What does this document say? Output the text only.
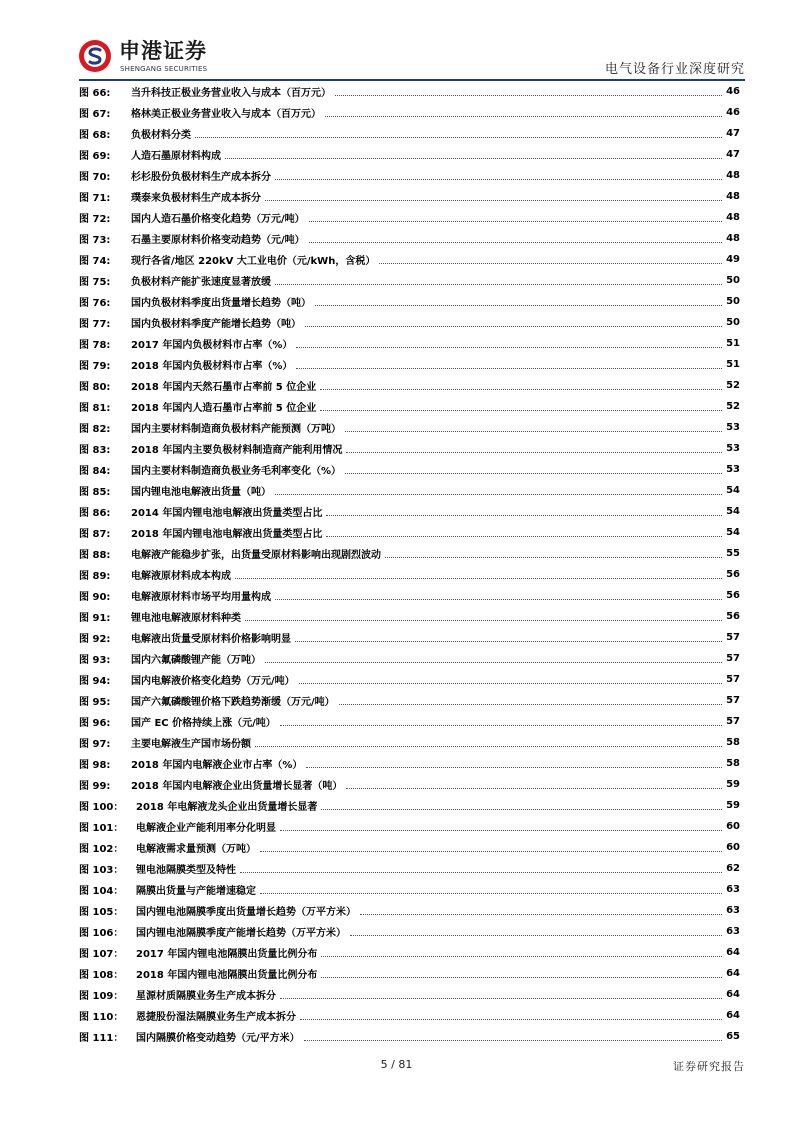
申港证券
SHENGANG SECURITIES	电气设备行业深度研究
图 66:	当升科技正极业务营业收入与成本（百万元）	46
图 67:	格林美正极业务营业收入与成本（百万元）	46
图 68:	负极材料分类	47
图 69:	人造石墨原材料构成	47
图 70:	杉杉股份负极材料生产成本拆分	48
图 71:	璞泰来负极材料生产成本拆分	48
图 72:	国内人造石墨价格变化趋势（万元/吨）	48
图 73:	石墨主要原材料价格变动趋势（元/吨）	48
图 74:	现行各省/地区 220kV 大工业电价（元/kWh，含税）	49
图 75:	负极材料产能扩张速度显著放缓	50
图 76:	国内负极材料季度出货量增长趋势（吨）	50
图 77:	国内负极材料季度产能增长趋势（吨）	50
图 78:	2017 年国内负极材料市占率（%）	51
图 79:	2018 年国内负极材料市占率（%）	51
图 80:	2018 年国内天然石墨市占率前 5 位企业	52
图 81:	2018 年国内人造石墨市占率前 5 位企业	52
图 82:	国内主要材料制造商负极材料产能预测（万吨）	53
图 83:	2018 年国内主要负极材料制造商产能利用情况	53
图 84:	国内主要材料制造商负极业务毛利率变化（%）	53
图 85:	国内锂电池电解液出货量（吨）	54
图 86:	2014 年国内锂电池电解液出货量类型占比	54
图 87:	2018 年国内锂电池电解液出货量类型占比	54
图 88:	电解液产能稳步扩张，出货量受原材料影响出现剧烈波动	55
图 89:	电解液原材料成本构成	56
图 90:	电解液原材料市场平均用量构成	56
图 91:	锂电池电解液原材料种类	56
图 92:	电解液出货量受原材料价格影响明显	57
图 93:	国内六氟磷酸锂产能（万吨）	57
图 94:	国内电解液价格变化趋势（万元/吨）	57
图 95:	国产六氟磷酸锂价格下跌趋势渐缓（万元/吨）	57
图 96:	国产 EC 价格持续上涨（元/吨）	57
图 97:	主要电解液生产国市场份额	58
图 98:	2018 年国内电解液企业市占率（%）	58
图 99:	2018 年国内电解液企业出货量增长显著（吨）	59
图 100：	2018 年电解液龙头企业出货量增长显著	59
图 101：	电解液企业产能利用率分化明显	60
图 102：	电解液需求量预测（万吨）	60
图 103：	锂电池隔膜类型及特性	62
图 104：	隔膜出货量与产能增速稳定	63
图 105：	国内锂电池隔膜季度出货量增长趋势（万平方米）	63
图 106：	国内锂电池隔膜季度产能增长趋势（万平方米）	63
图 107：	2017 年国内锂电池隔膜出货量比例分布	64
图 108：	2018 年国内锂电池隔膜出货量比例分布	64
图 109：	星源材质隔膜业务生产成本拆分	64
图 110：	恩捷股份湿法隔膜业务生产成本拆分	64
图 111：	国内隔膜价格变动趋势（元/平方米）	65
5 / 81	证券研究报告
